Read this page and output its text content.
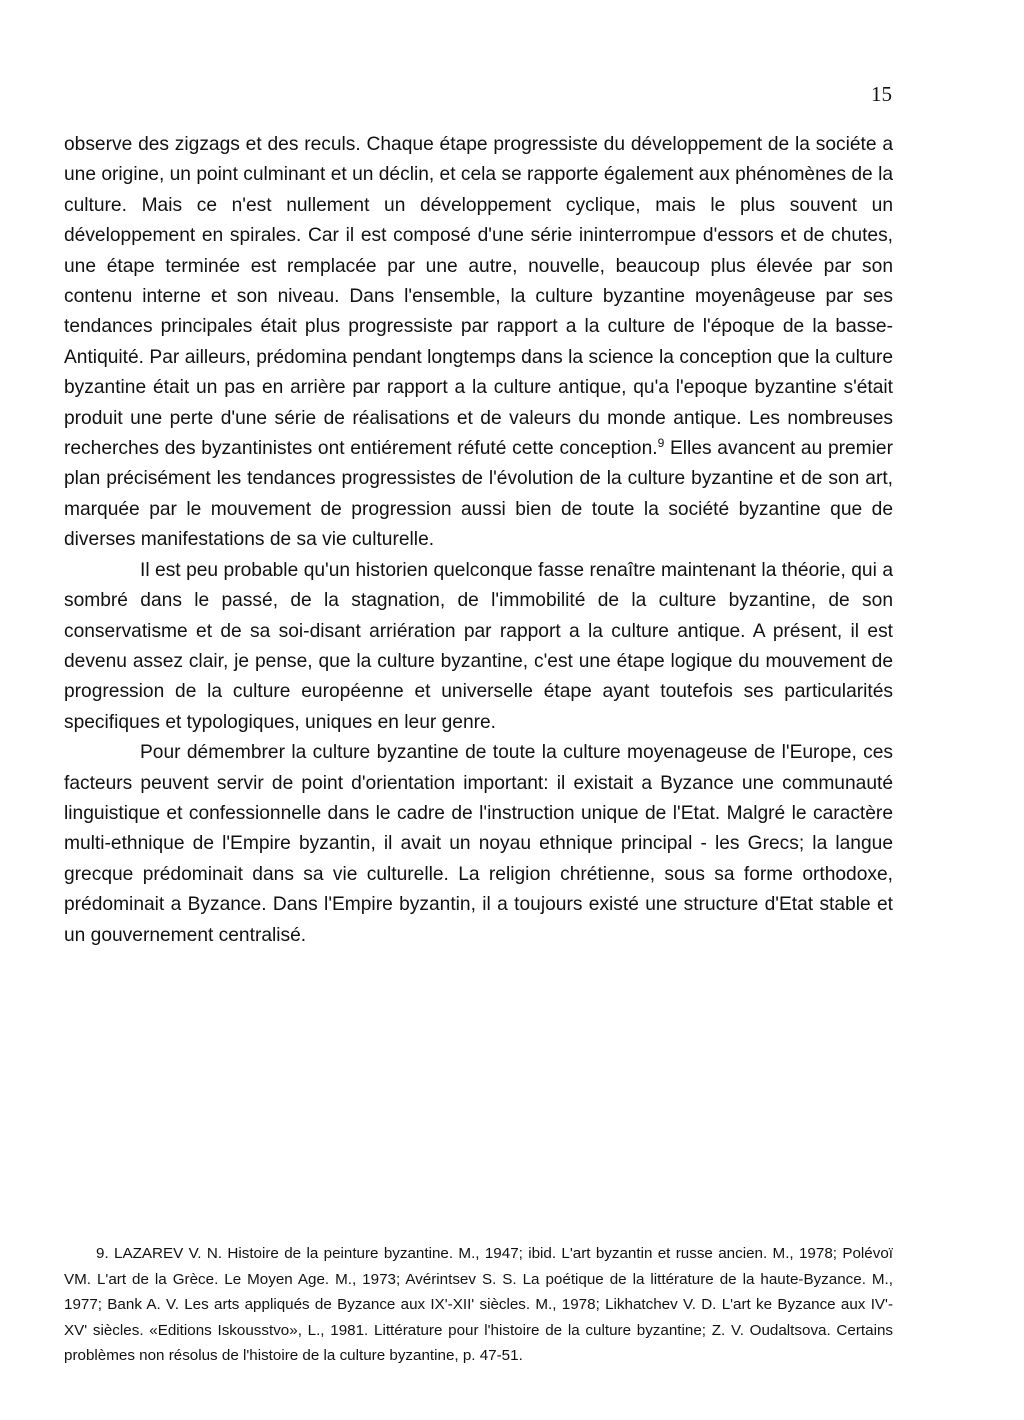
15

observe des zigzags et des reculs. Chaque étape progressiste du développement de la sociéte a une origine, un point culminant et un déclin, et cela se rapporte également aux phénomènes de la culture. Mais ce n'est nullement un développement cyclique, mais le plus souvent un développement en spirales. Car il est composé d'une série ininterrompue d'essors et de chutes, une étape terminée est remplacée par une autre, nouvelle, beaucoup plus élevée par son contenu interne et son niveau. Dans l'ensemble, la culture byzantine moyenâgeuse par ses tendances principales était plus progressiste par rapport a la culture de l'époque de la basse-Antiquité. Par ailleurs, prédomina pendant longtemps dans la science la conception que la culture byzantine était un pas en arrière par rapport a la culture antique, qu'a l'epoque byzantine s'était produit une perte d'une série de réalisations et de valeurs du monde antique. Les nombreuses recherches des byzantinistes ont entiérement réfuté cette conception.$^9$ Elles avancent au premier plan précisément les tendances progressistes de l'évolution de la culture byzantine et de son art, marquée par le mouvement de progression aussi bien de toute la société byzantine que de diverses manifestations de sa vie culturelle.

Il est peu probable qu'un historien quelconque fasse renaître maintenant la théorie, qui a sombré dans le passé, de la stagnation, de l'immobilité de la culture byzantine, de son conservatisme et de sa soi-disant arriération par rapport a la culture antique. A présent, il est devenu assez clair, je pense, que la culture byzantine, c'est une étape logique du mouvement de progression de la culture européenne et universelle étape ayant toutefois ses particularités specifiques et typologiques, uniques en leur genre.

Pour démembrer la culture byzantine de toute la culture moyenageuse de l'Europe, ces facteurs peuvent servir de point d'orientation important: il existait a Byzance une communauté linguistique et confessionnelle dans le cadre de l'instruction unique de l'Etat. Malgré le caractère multi-ethnique de l'Empire byzantin, il avait un noyau ethnique principal - les Grecs; la langue grecque prédominait dans sa vie culturelle. La religion chrétienne, sous sa forme orthodoxe, prédominait a Byzance. Dans l'Empire byzantin, il a toujours existé une structure d'Etat stable et un gouvernement centralisé.

9. LAZAREV V. N. Histoire de la peinture byzantine. M., 1947; ibid. L'art byzantin et russe ancien. M., 1978; Polévoï VM. L'art de la Grèce. Le Moyen Age. M., 1973; Avérintsev S. S. La poétique de la littérature de la haute-Byzance. M., 1977; Bank A. V. Les arts appliqués de Byzance aux IX'-XII' siècles. M., 1978; Likhatchev V. D. L'art ke Byzance aux IV'-XV' siècles. «Editions Iskousstvo», L., 1981. Littérature pour l'histoire de la culture byzantine; Z. V. Oudaltsova. Certains problèmes non résolus de l'histoire de la culture byzantine, p. 47-51.
